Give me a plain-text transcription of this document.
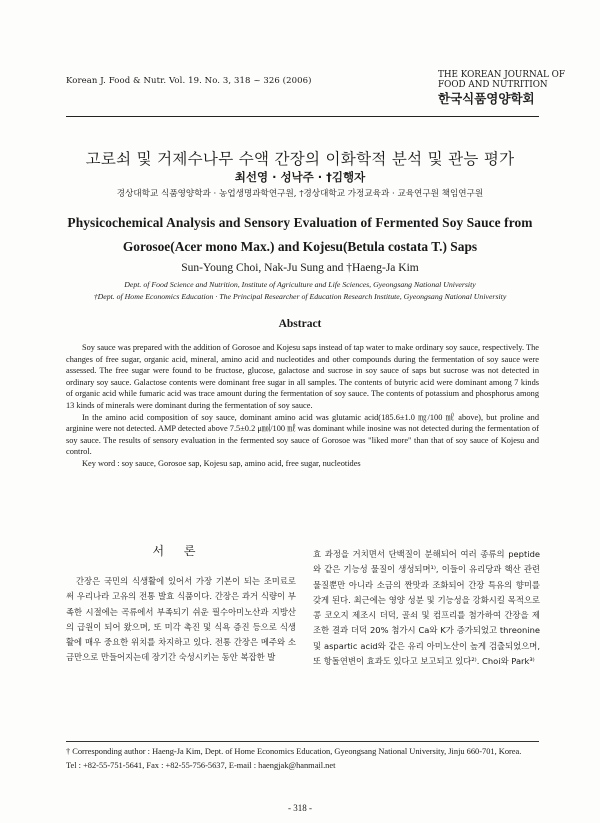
Korean J. Food & Nutr. Vol. 19. No. 3, 318 ~ 326 (2006)
THE KOREAN JOURNAL OF
FOOD AND NUTRITION
한국식품영양학회
고로쇠 및 거제수나무 수액 간장의 이화학적 분석 및 관능 평가
최선영 · 성낙주 · †김행자
경상대학교 식품영양학과 · 농업생명과학연구원, †경상대학교 가정교육과 · 교육연구원 책임연구원
Physicochemical Analysis and Sensory Evaluation of Fermented Soy Sauce from
Gorosoe(Acer mono Max.) and Kojesu(Betula costata T.) Saps
Sun-Young Choi, Nak-Ju Sung and †Haeng-Ja Kim
Dept. of Food Science and Nutrition, Institute of Agriculture and Life Sciences, Gyeongsang National University
†Dept. of Home Economics Education · The Principal Researcher of Education Research Institute, Gyeongsang National University
Abstract

Soy sauce was prepared with the addition of Gorosoe and Kojesu saps instead of tap water to make ordinary soy sauce, respectively. The changes of free sugar, organic acid, mineral, amino acid and nucleotides and other compounds during the fermentation of soy sauce were assessed. The free sugar were found to be fructose, glucose, galactose and sucrose in soy sauce of saps but sucrose was not detected in ordinary soy sauce. Galactose contents were dominant free sugar in all samples. The contents of butyric acid were dominant among 7 kinds of organic acid while fumaric acid was trace amount during the fermentation of soy sauce. The contents of potassium and phosphorus among 13 kinds of minerals were dominant during the fermentation of soy sauce.

In the amino acid composition of soy sauce, dominant amino acid was glutamic acid(185.6±1.0 ㎎/100 ㎖ above), but proline and arginine were not detected. AMP detected above 7.5±0.2 μ㏖/100 ㎖ was dominant while inosine was not detected during the fermentation of soy sauce. The results of sensory evaluation in the fermented soy sauce of Gorosoe was "liked more" than that of soy sauce of Kojesu and control.

Key word : soy sauce, Gorosoe sap, Kojesu sap, amino acid, free sugar, nucleotides

서 론

간장은 국민의 식생활에 있어서 가장 기본이 되는 조미료로써 우리나라 고유의 전통 발효 식품이다. 간장은 과거 식량이 부족한 시절에는 곡류에서 부족되기 쉬운 필수아미노산과 지방산의 급원이 되어 왔으며, 또 미각 촉진 및 식욕 증진 등으로 식생활에 매우 중요한 위치를 차지하고 있다. 전통 간장은 메주와 소금만으로 만들어지는데 장기간 숙성시키는 동안 복잡한 발

효 과정을 거치면서 단백질이 분해되어 여러 종류의 peptide와 같은 기능성 물질이 생성되며¹⁾, 이들이 유리당과 핵산 관련 물질뿐만 아니라 소금의 짠맛과 조화되어 간장 특유의 향미를 갖게 된다. 최근에는 영양 성분 및 기능성을 강화시킬 목적으로 콩 코오지 제조시 더덕, 골쇠 및 컴프리를 첨가하여 간장을 제조한 결과 더덕 20% 첨가시 Ca와 K가 증가되었고 threonine 및 aspartic acid와 같은 유리 아미노산이 높게 검출되었으며, 또 항돌연변이 효과도 있다고 보고되고 있다²⁾. Choi와 Park³⁾

† Corresponding author : Haeng-Ja Kim, Dept. of Home Economics Education, Gyeongsang National University, Jinju 660-701, Korea.
Tel : +82-55-751-5641, Fax : +82-55-756-5637, E-mail : haengjak@hanmail.net
- 318 -
